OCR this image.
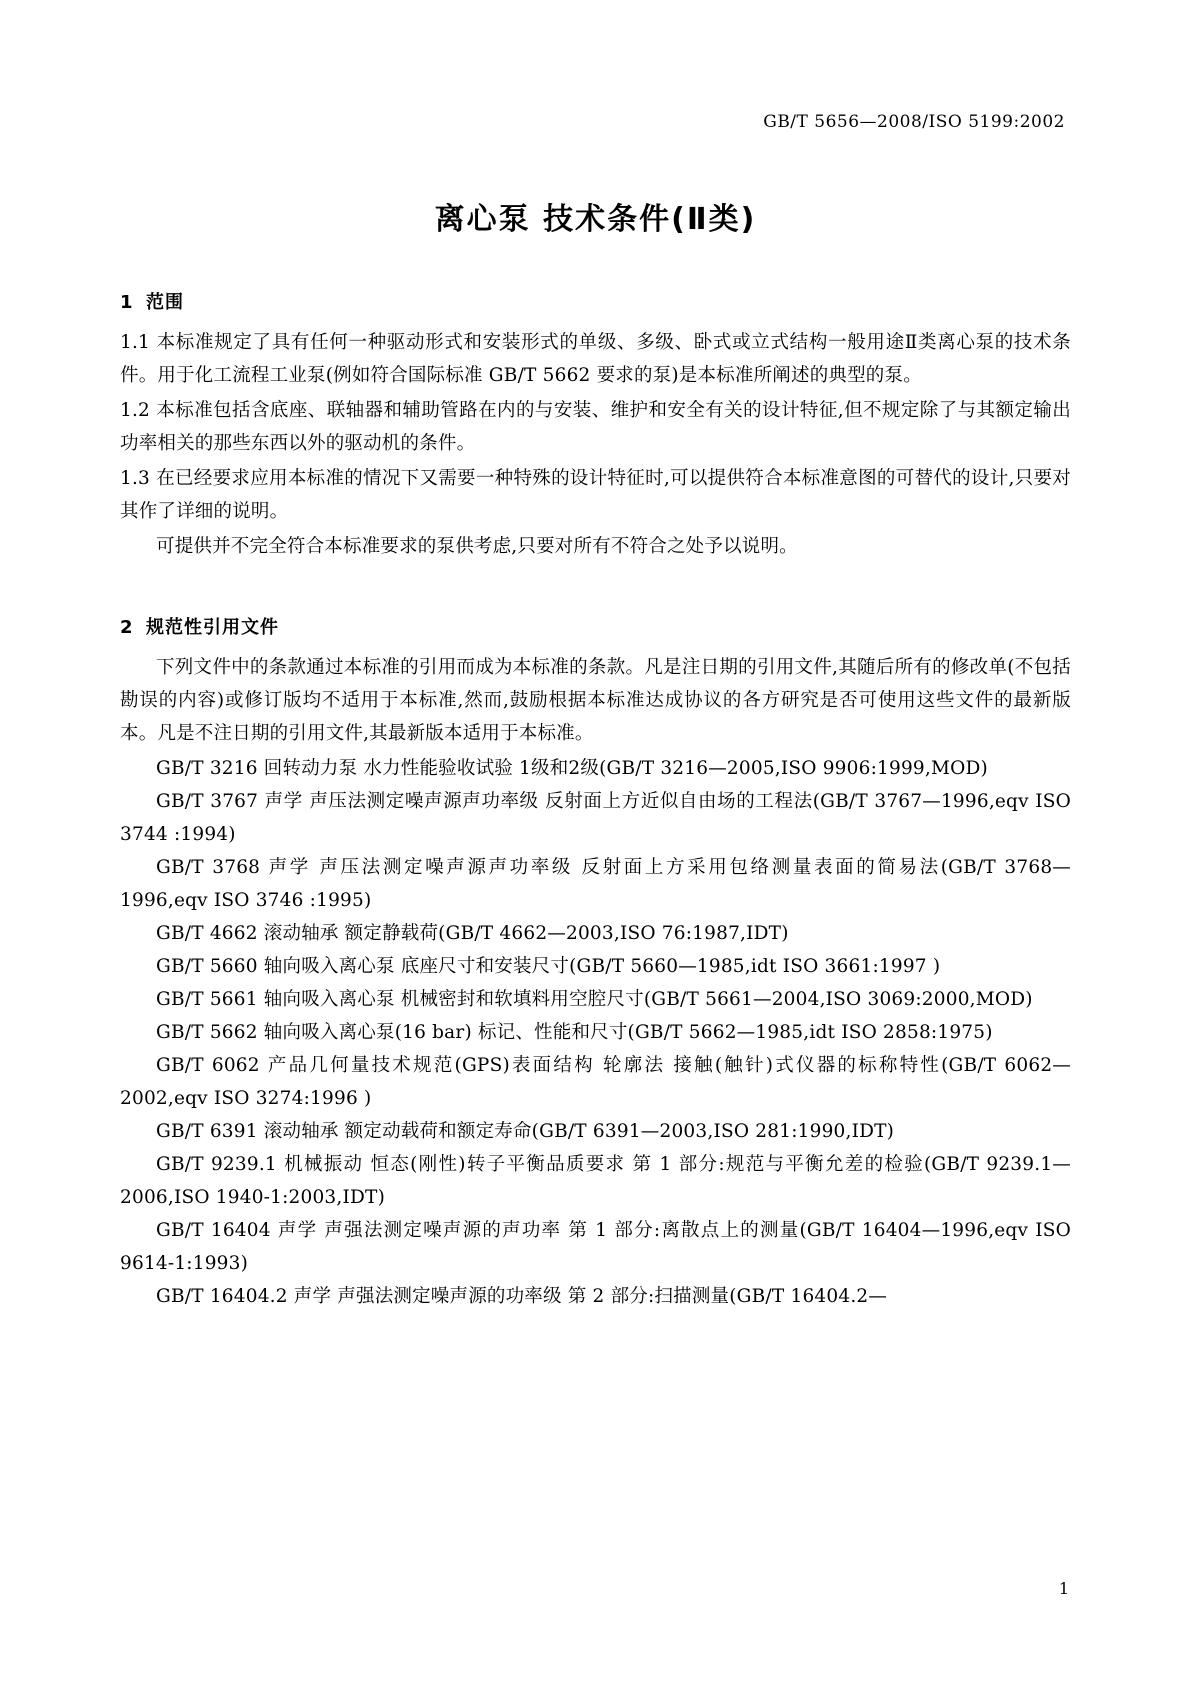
GB/T 5656—2008/ISO 5199:2002
离心泵 技术条件(Ⅱ类)
1 范围

1.1 本标准规定了具有任何一种驱动形式和安装形式的单级、多级、卧式或立式结构一般用途Ⅱ类离心泵的技术条件。用于化工流程工业泵(例如符合国际标准 GB/T 5662 要求的泵)是本标准所阐述的典型的泵。

1.2 本标准包括含底座、联轴器和辅助管路在内的与安装、维护和安全有关的设计特征,但不规定除了与其额定输出功率相关的那些东西以外的驱动机的条件。

1.3 在已经要求应用本标准的情况下又需要一种特殊的设计特征时,可以提供符合本标准意图的可替代的设计,只要对其作了详细的说明。

可提供并不完全符合本标准要求的泵供考虑,只要对所有不符合之处予以说明。

2 规范性引用文件

下列文件中的条款通过本标准的引用而成为本标准的条款。凡是注日期的引用文件,其随后所有的修改单(不包括勘误的内容)或修订版均不适用于本标准,然而,鼓励根据本标准达成协议的各方研究是否可使用这些文件的最新版本。凡是不注日期的引用文件,其最新版本适用于本标准。

GB/T 3216 回转动力泵 水力性能验收试验 1级和2级(GB/T 3216—2005,ISO 9906:1999,MOD)

GB/T 3767 声学 声压法测定噪声源声功率级 反射面上方近似自由场的工程法(GB/T 3767—1996,eqv ISO 3744 :1994)

GB/T 3768 声学 声压法测定噪声源声功率级 反射面上方采用包络测量表面的简易法(GB/T 3768—1996,eqv ISO 3746 :1995)

GB/T 4662 滚动轴承 额定静载荷(GB/T 4662—2003,ISO 76:1987,IDT)

GB/T 5660 轴向吸入离心泵 底座尺寸和安装尺寸(GB/T 5660—1985,idt ISO 3661:1997 )

GB/T 5661 轴向吸入离心泵 机械密封和软填料用空腔尺寸(GB/T 5661—2004,ISO 3069:2000,MOD)

GB/T 5662 轴向吸入离心泵(16 bar) 标记、性能和尺寸(GB/T 5662—1985,idt ISO 2858:1975)

GB/T 6062 产品几何量技术规范(GPS)表面结构 轮廓法 接触(触针)式仪器的标称特性(GB/T 6062—2002,eqv ISO 3274:1996 )

GB/T 6391 滚动轴承 额定动载荷和额定寿命(GB/T 6391—2003,ISO 281:1990,IDT)

GB/T 9239.1 机械振动 恒态(刚性)转子平衡品质要求 第 1 部分:规范与平衡允差的检验(GB/T 9239.1—2006,ISO 1940-1:2003,IDT)

GB/T 16404 声学 声强法测定噪声源的声功率 第 1 部分:离散点上的测量(GB/T 16404—1996,eqv ISO 9614-1:1993)

GB/T 16404.2 声学 声强法测定噪声源的功率级 第 2 部分:扫描测量(GB/T 16404.2—

1
